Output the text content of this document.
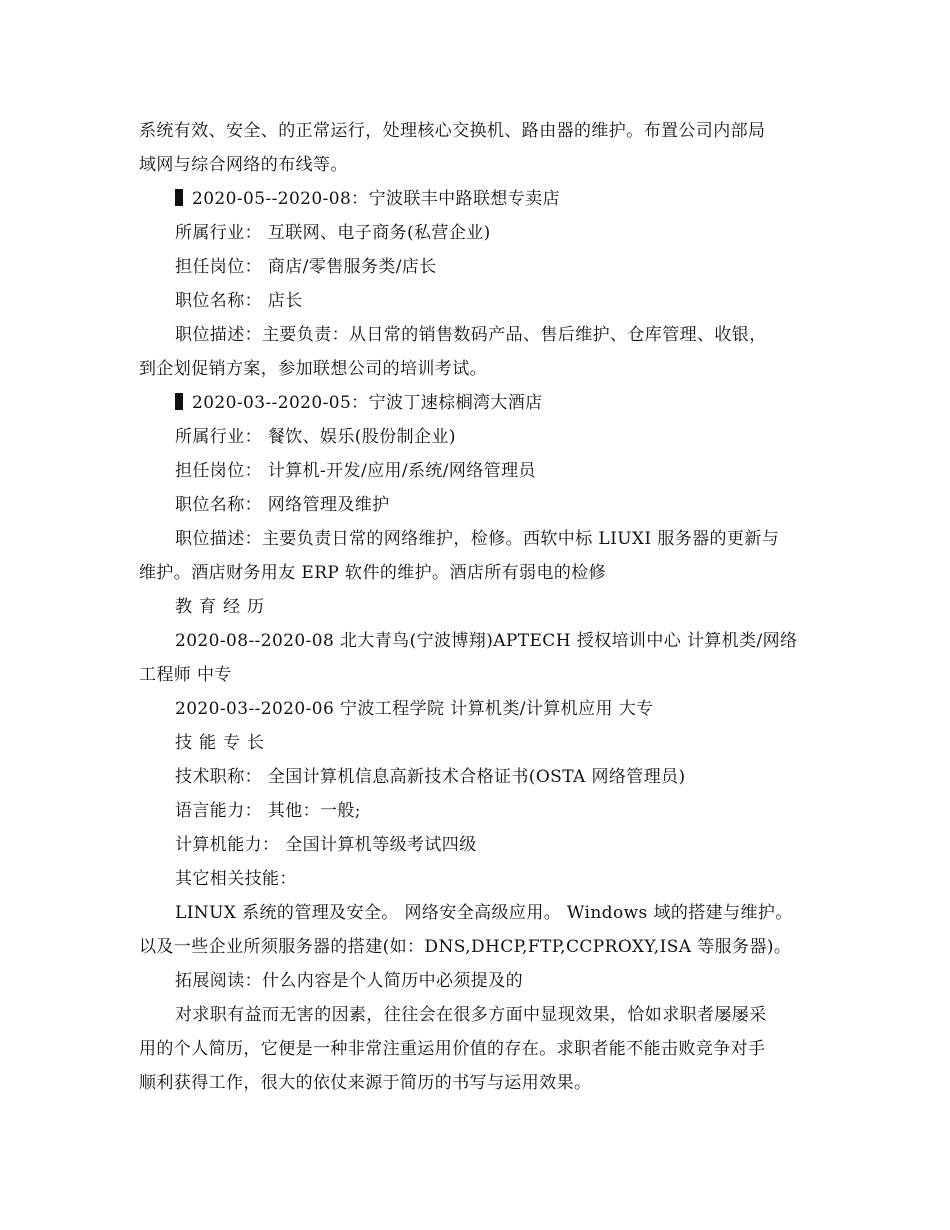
系统有效、安全、的正常运行，处理核心交换机、路由器的维护。布置公司内部局
域网与综合网络的布线等。
2020-05--2020-08：宁波联丰中路联想专卖店
所属行业： 互联网、电子商务(私营企业)
担任岗位： 商店/零售服务类/店长
职位名称： 店长
职位描述：主要负责：从日常的销售数码产品、售后维护、仓库管理、收银，
到企划促销方案，参加联想公司的培训考试。
2020-03--2020-05：宁波丁速棕榈湾大酒店
所属行业： 餐饮、娱乐(股份制企业)
担任岗位： 计算机-开发/应用/系统/网络管理员
职位名称： 网络管理及维护
职位描述：主要负责日常的网络维护，检修。西软中标 LIUXI 服务器的更新与
维护。酒店财务用友 ERP 软件的维护。酒店所有弱电的检修
教育经历
2020-08--2020-08 北大青鸟(宁波博翔)APTECH 授权培训中心 计算机类/网络
工程师 中专
2020-03--2020-06 宁波工程学院 计算机类/计算机应用 大专
技能专长
技术职称： 全国计算机信息高新技术合格证书(OSTA 网络管理员)
语言能力： 其他：一般;
计算机能力： 全国计算机等级考试四级
其它相关技能：
LINUX 系统的管理及安全。 网络安全高级应用。 Windows 域的搭建与维护。
以及一些企业所须服务器的搭建(如：DNS,DHCP,FTP,CCPROXY,ISA 等服务器)。
拓展阅读：什么内容是个人简历中必须提及的
对求职有益而无害的因素，往往会在很多方面中显现效果，恰如求职者屡屡采
用的个人简历，它便是一种非常注重运用价值的存在。求职者能不能击败竞争对手
顺利获得工作，很大的依仗来源于简历的书写与运用效果。
